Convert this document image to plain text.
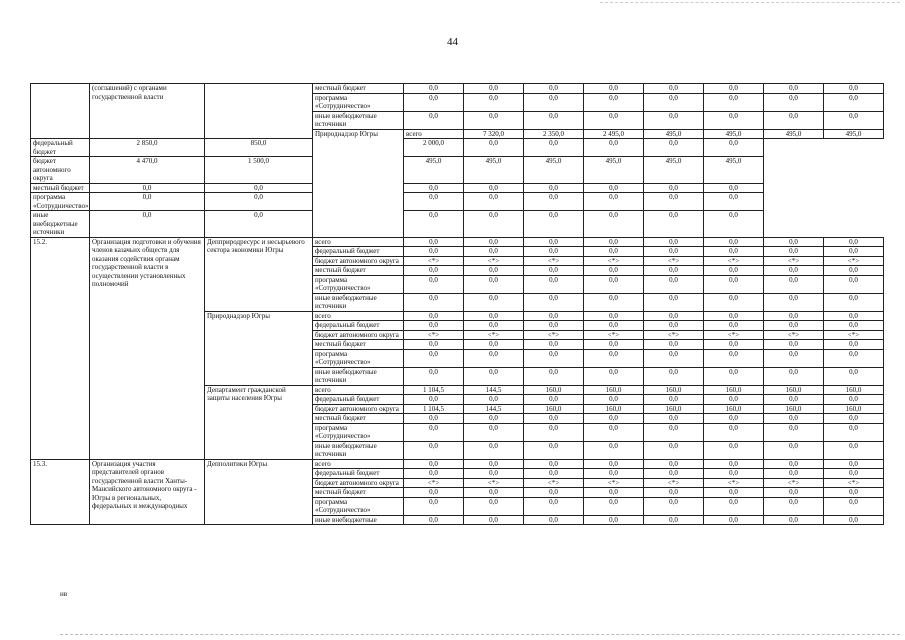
44
	(соглашений) с органами государственной власти		местный бюджет	0,0	0,0	0,0	0,0	0,0	0,0	0,0	0,0	
			программа «Сотрудничество»	0,0	0,0	0,0	0,0	0,0	0,0	0,0	0,0	
			иные внебюджетные источники	0,0	0,0	0,0	0,0	0,0	0,0	0,0	0,0	
			Природнадзор Югры	всего	7 320,0	2 350,0	2 495,0	495,0	495,0	495,0	495,0	
федеральный бюджет	2 850,0	850,0		2 000,0	0,0	0,0	0,0	0,0	0,0			
бюджет автономного округа	4 470,0	1 500,0		495,0	495,0	495,0	495,0	495,0	495,0			
местный бюджет	0,0	0,0		0,0	0,0	0,0	0,0	0,0	0,0			
программа «Сотрудничество»	0,0	0,0		0,0	0,0	0,0	0,0	0,0	0,0			
иные внебюджетные источники	0,0	0,0		0,0	0,0	0,0	0,0	0,0	0,0			
15.2.	Организация подготовки и обучения членов казачьих обществ для оказания содействия органам государственной власти в осуществлении установленных полномочий	Депприродресурс и несырьевого сектора экономики Югры	всего	0,0	0,0	0,0	0,0	0,0	0,0	0,0	0,0	
			федеральный бюджет	0,0	0,0	0,0	0,0	0,0	0,0	0,0	0,0	
			бюджет автономного округа	<*>	<*>	<*>	<*>	<*>	<*>	<*>	<*>	
			местный бюджет	0,0	0,0	0,0	0,0	0,0	0,0	0,0	0,0	
			программа «Сотрудничество»	0,0	0,0	0,0	0,0	0,0	0,0	0,0	0,0	
			иные внебюджетные источники	0,0	0,0	0,0	0,0	0,0	0,0	0,0	0,0	
		Природнадзор Югры	всего	0,0	0,0	0,0	0,0	0,0	0,0	0,0	0,0	
			федеральный бюджет	0,0	0,0	0,0	0,0	0,0	0,0	0,0	0,0	
			бюджет автономного округа	<*>	<*>	<*>	<*>	<*>	<*>	<*>	<*>	
			местный бюджет	0,0	0,0	0,0	0,0	0,0	0,0	0,0	0,0	
			программа «Сотрудничество»	0,0	0,0	0,0	0,0	0,0	0,0	0,0	0,0	
			иные внебюджетные источники	0,0	0,0	0,0	0,0	0,0	0,0	0,0	0,0	
		Департамент гражданской защиты населения Югры	всего	1 104,5	144,5	160,0	160,0	160,0	160,0	160,0	160,0	
			федеральный бюджет	0,0	0,0	0,0	0,0	0,0	0,0	0,0	0,0	
			бюджет автономного округа	1 104,5	144,5	160,0	160,0	160,0	160,0	160,0	160,0	
			местный бюджет	0,0	0,0	0,0	0,0	0,0	0,0	0,0	0,0	
			программа «Сотрудничество»	0,0	0,0	0,0	0,0	0,0	0,0	0,0	0,0	
			иные внебюджетные источники	0,0	0,0	0,0	0,0	0,0	0,0	0,0	0,0	
15.3.	Организация участия представителей органов государственной власти Ханты-Мансийского автономного округа - Югры в региональных, федеральных и международных	Депполитики Югры	всего	0,0	0,0	0,0	0,0	0,0	0,0	0,0	0,0	
			федеральный бюджет	0,0	0,0	0,0	0,0	0,0	0,0	0,0	0,0	
			бюджет автономного округа	<*>	<*>	<*>	<*>	<*>	<*>	<*>	<*>	
			местный бюджет	0,0	0,0	0,0	0,0	0,0	0,0	0,0	0,0	
			программа «Сотрудничество»	0,0	0,0	0,0	0,0	0,0	0,0	0,0	0,0	
			иные внебюджетные	0,0	0,0	0,0	0,0	0,0	0,0	0,0	0,0	
нв
